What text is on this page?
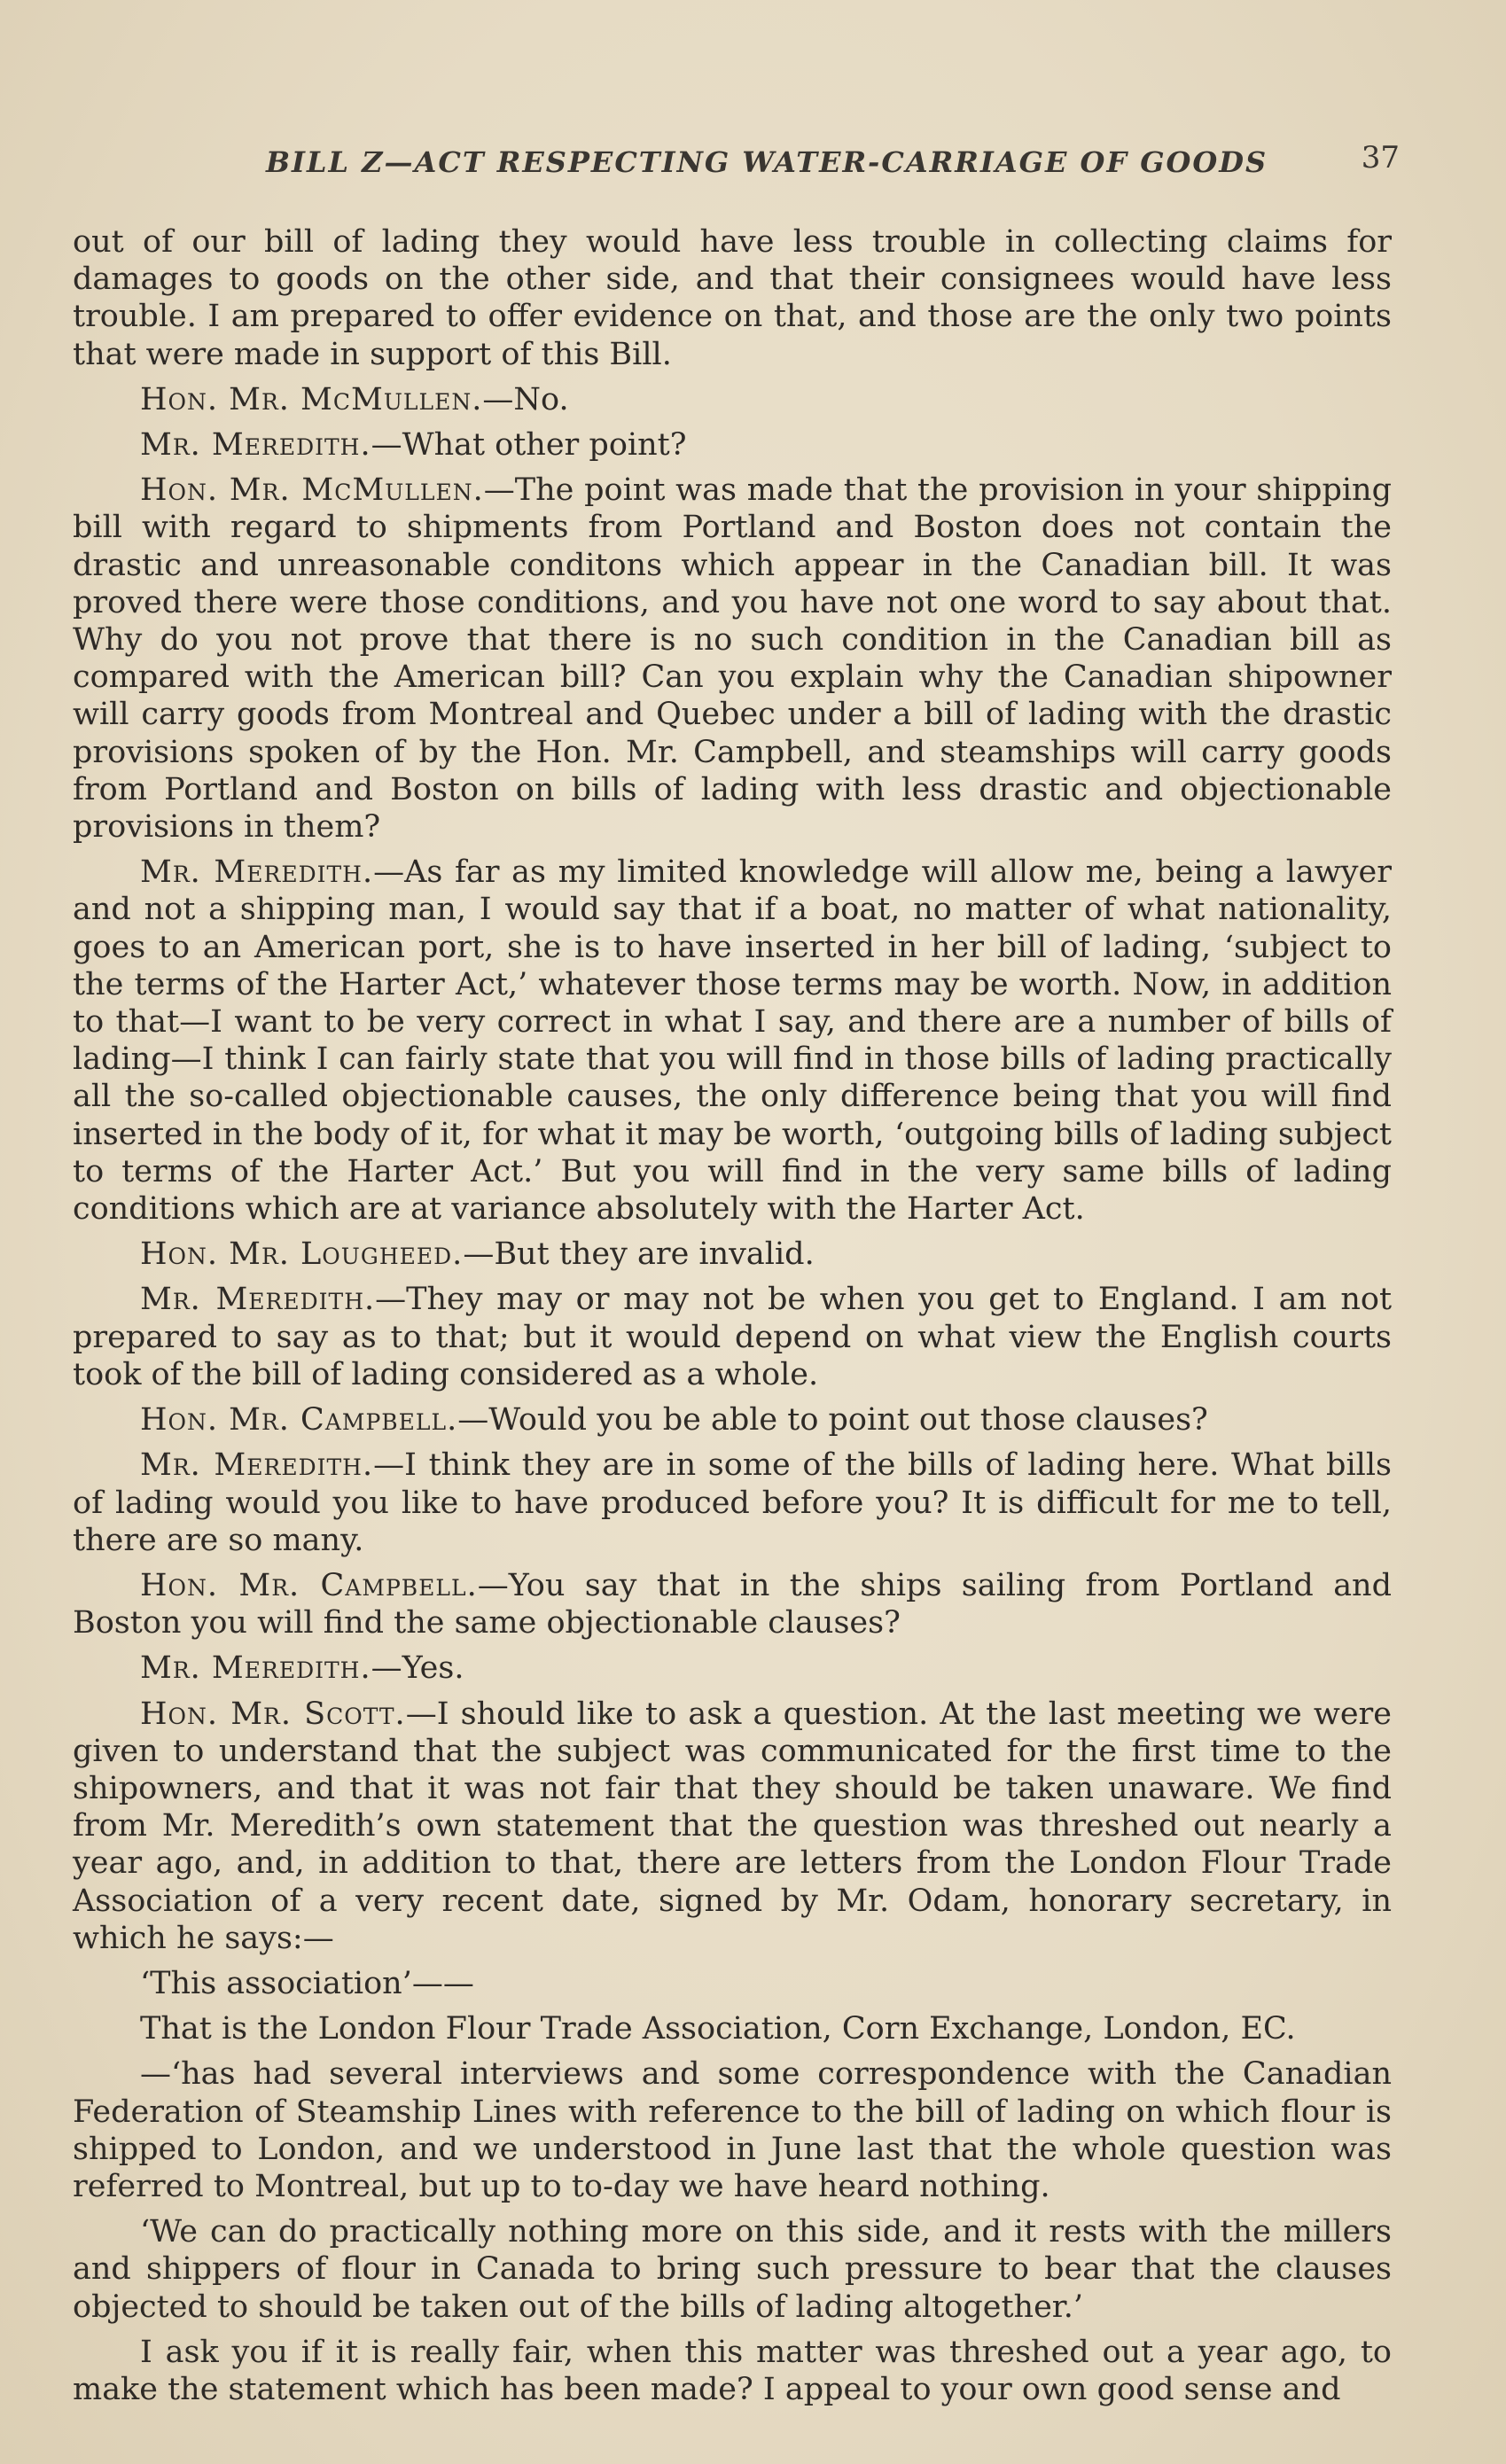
BILL Z—ACT RESPECTING WATER-CARRIAGE OF GOODS	37

out of our bill of lading they would have less trouble in collecting claims for damages to goods on the other side, and that their consignees would have less trouble. I am prepared to offer evidence on that, and those are the only two points that were made in support of this Bill.

Hon. Mr. McMullen.—No.

Mr. Meredith.—What other point?

Hon. Mr. McMullen.—The point was made that the provision in your shipping bill with regard to shipments from Portland and Boston does not contain the drastic and unreasonable conditons which appear in the Canadian bill. It was proved there were those conditions, and you have not one word to say about that. Why do you not prove that there is no such condition in the Canadian bill as compared with the American bill? Can you explain why the Canadian shipowner will carry goods from Montreal and Quebec under a bill of lading with the drastic provisions spoken of by the Hon. Mr. Campbell, and steamships will carry goods from Portland and Boston on bills of lading with less drastic and objectionable provisions in them?

Mr. Meredith.—As far as my limited knowledge will allow me, being a lawyer and not a shipping man, I would say that if a boat, no matter of what nationality, goes to an American port, she is to have inserted in her bill of lading, ‘subject to the terms of the Harter Act,’ whatever those terms may be worth. Now, in addition to that—I want to be very correct in what I say, and there are a number of bills of lading—I think I can fairly state that you will find in those bills of lading practically all the so-called objectionable causes, the only difference being that you will find inserted in the body of it, for what it may be worth, ‘outgoing bills of lading subject to terms of the Harter Act.’ But you will find in the very same bills of lading conditions which are at variance absolutely with the Harter Act.

Hon. Mr. Lougheed.—But they are invalid.

Mr. Meredith.—They may or may not be when you get to England. I am not prepared to say as to that; but it would depend on what view the English courts took of the bill of lading considered as a whole.

Hon. Mr. Campbell.—Would you be able to point out those clauses?

Mr. Meredith.—I think they are in some of the bills of lading here. What bills of lading would you like to have produced before you? It is difficult for me to tell, there are so many.

Hon. Mr. Campbell.—You say that in the ships sailing from Portland and Boston you will find the same objectionable clauses?

Mr. Meredith.—Yes.

Hon. Mr. Scott.—I should like to ask a question. At the last meeting we were given to understand that the subject was communicated for the first time to the shipowners, and that it was not fair that they should be taken unaware. We find from Mr. Meredith’s own statement that the question was threshed out nearly a year ago, and, in addition to that, there are letters from the London Flour Trade Association of a very recent date, signed by Mr. Odam, honorary secretary, in which he says:—

‘This association’——

That is the London Flour Trade Association, Corn Exchange, London, EC.

—‘has had several interviews and some correspondence with the Canadian Federation of Steamship Lines with reference to the bill of lading on which flour is shipped to London, and we understood in June last that the whole question was referred to Montreal, but up to to-day we have heard nothing.

‘We can do practically nothing more on this side, and it rests with the millers and shippers of flour in Canada to bring such pressure to bear that the clauses objected to should be taken out of the bills of lading altogether.’

I ask you if it is really fair, when this matter was threshed out a year ago, to make the statement which has been made? I appeal to your own good sense and
